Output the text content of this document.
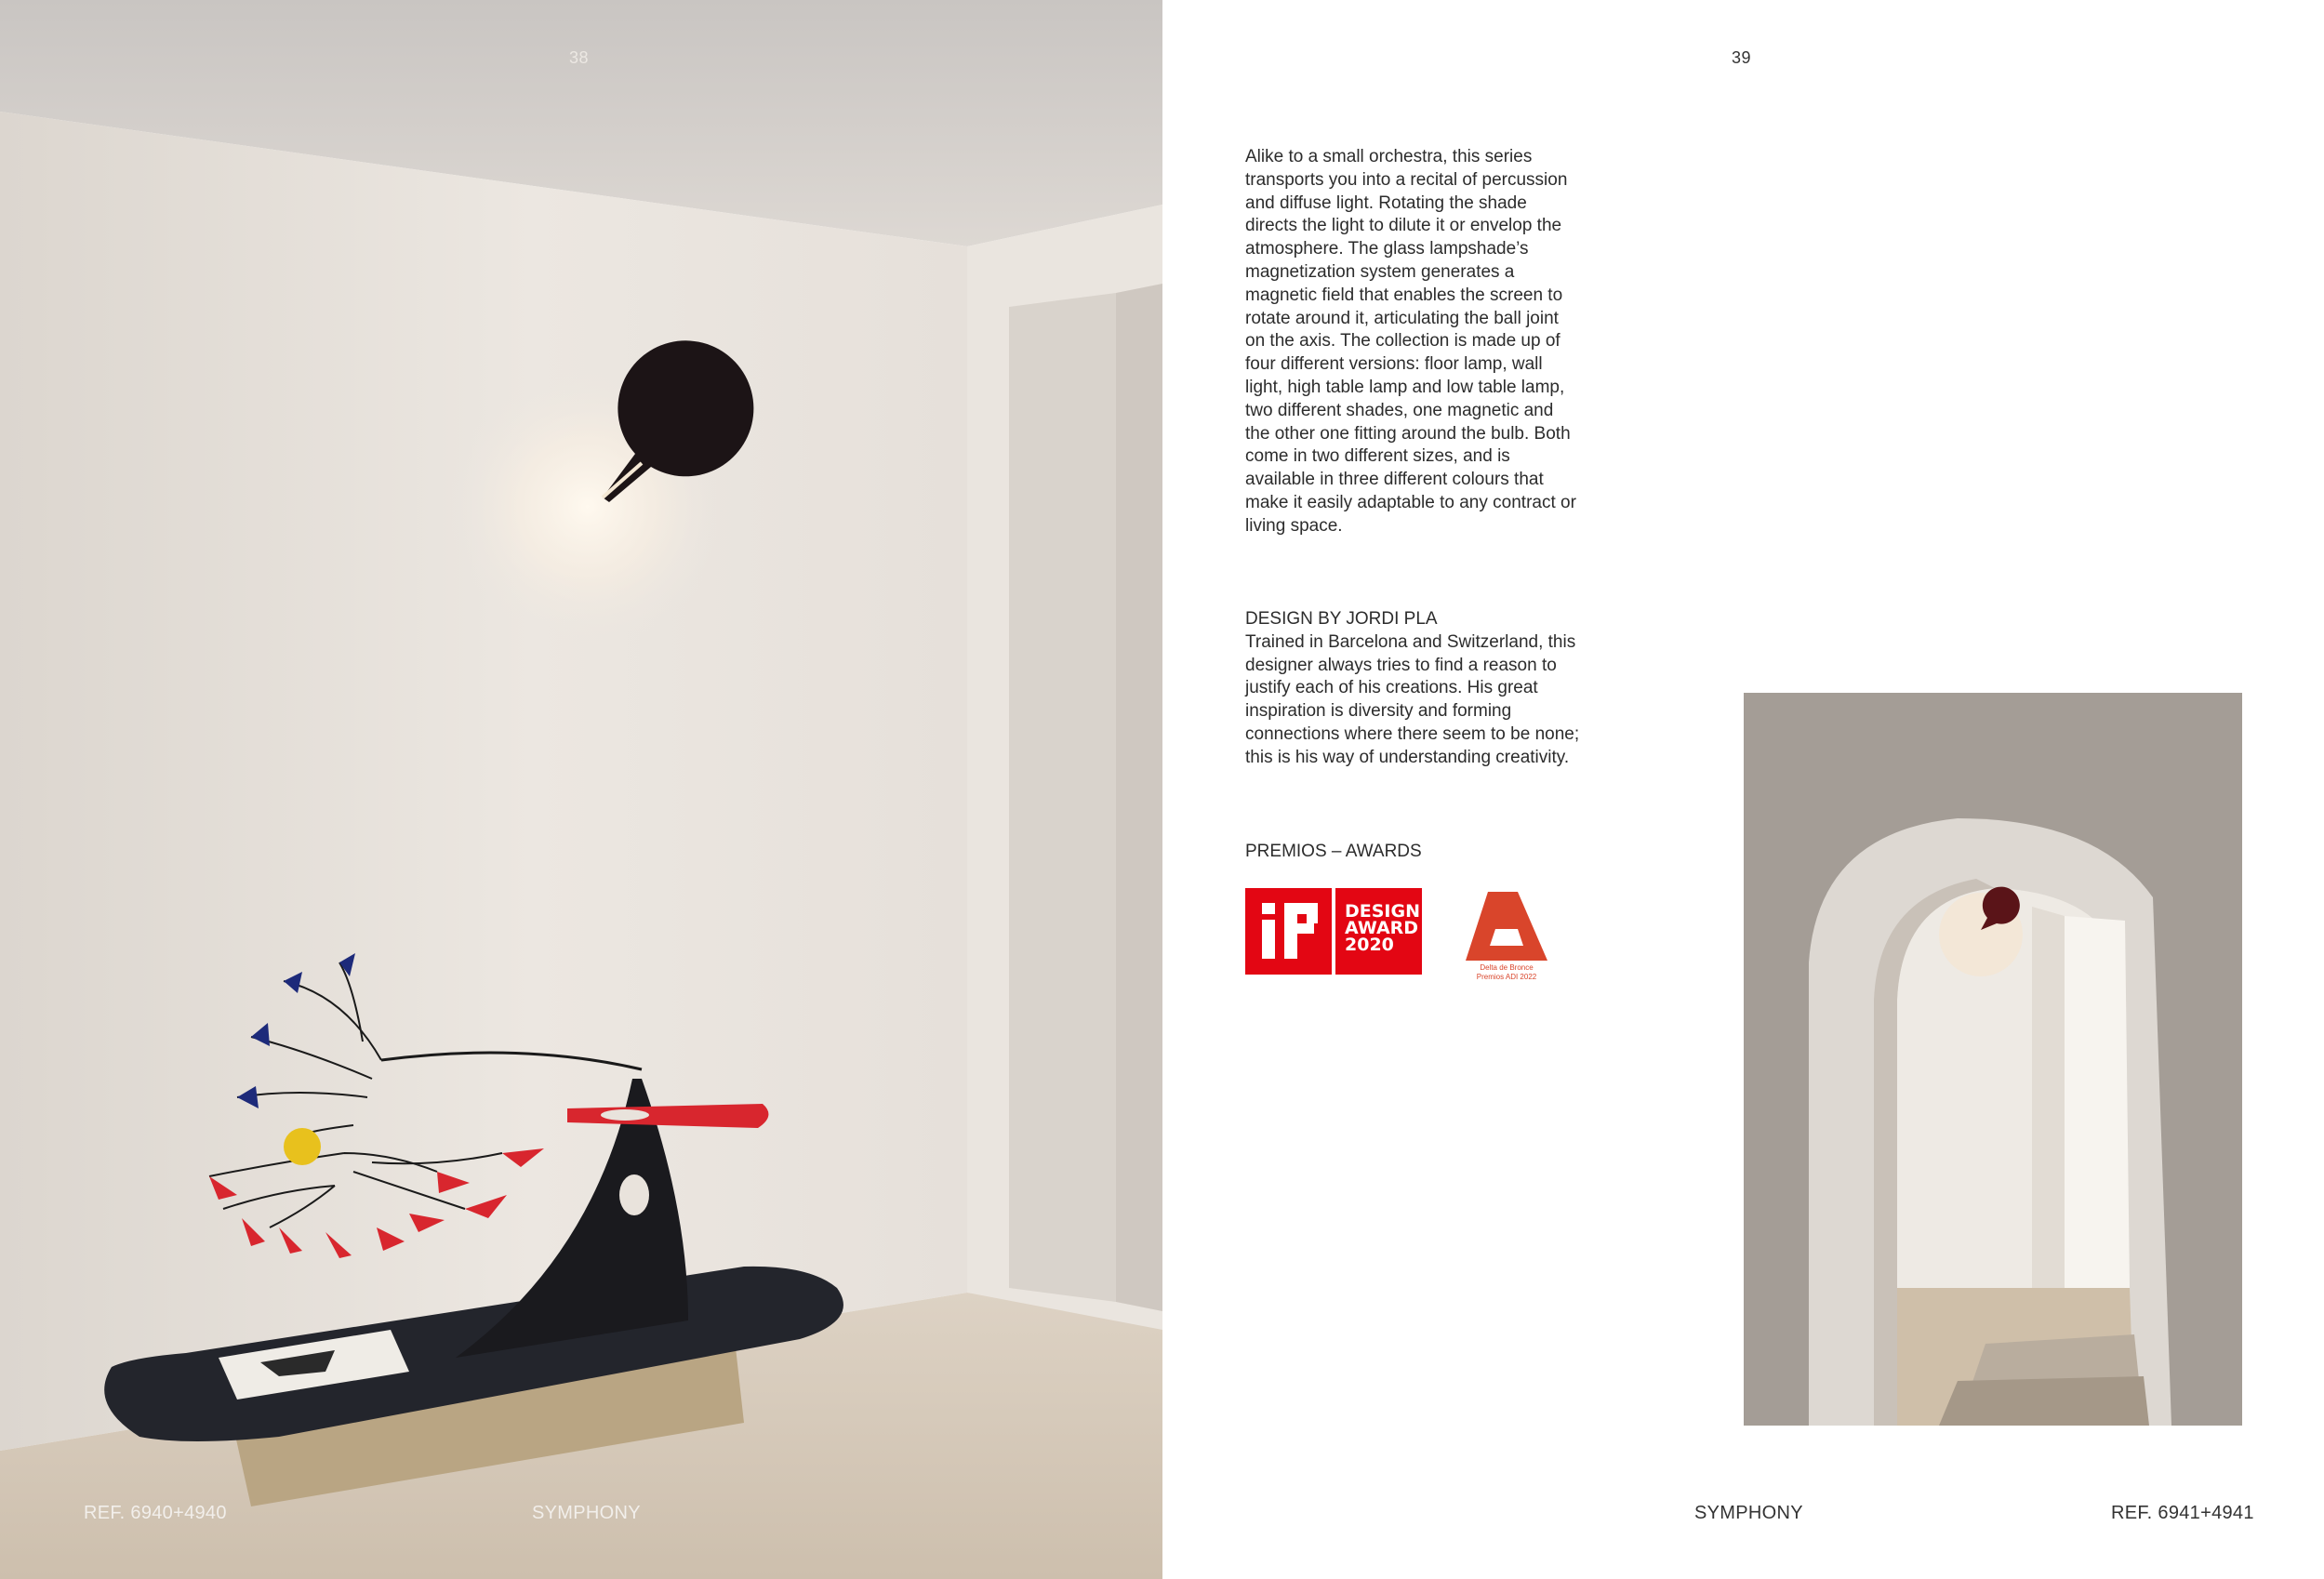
38	39

Alike to a small orchestra, this series transports you into a recital of percussion and diffuse light. Rotating the shade directs the light to dilute it or envelop the atmosphere. The glass lampshade’s magnetization system generates a magnetic field that enables the screen to rotate around it, articulating the ball joint on the axis. The collection is made up of four different versions: floor lamp, wall light, high table lamp and low table lamp, two different shades, one magnetic and the other one fitting around the bulb. Both come in two different sizes, and is available in three different colours that make it easily adaptable to any contract or living space.

DESIGN BY JORDI PLA
Trained in Barcelona and Switzerland, this designer always tries to find a reason to justify each of his creations. His great inspiration is diversity and forming connections where there seem to be none; this is his way of understanding creativity.
PREMIOS – AWARDS
DESIGN
AWARD
2020
Delta de Bronce
Premios ADI 2022
REF. 6940+4940	SYMPHONY	SYMPHONY	REF. 6941+4941
